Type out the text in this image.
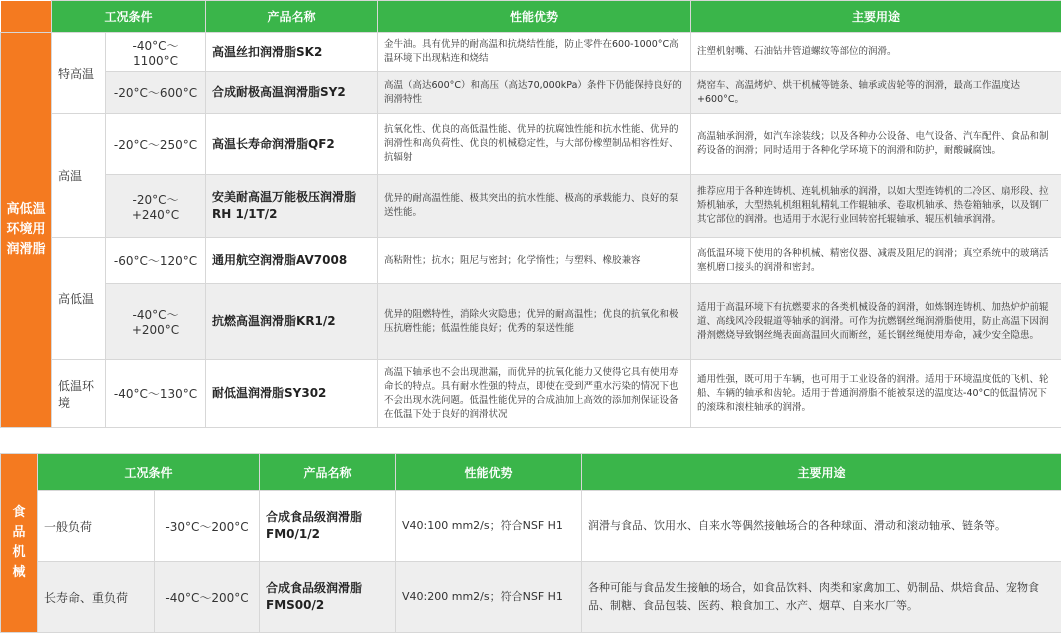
	工况条件		产品名称	性能优势	主要用途
高低温环境用润滑脂	特高温	-40°C～1100°C	高温丝扣润滑脂SK2	金牛油。具有优异的耐高温和抗烧结性能，防止零件在600-1000°C高温环境下出现粘连和烧结	注塑机射嘴、石油钻井管道螺纹等部位的润滑。
		-20°C～600°C	合成耐极高温润滑脂SY2	高温（高达600°C）和高压（高达70,000kPa）条件下仍能保持良好的润滑特性	烧窑车、高温烤炉、烘干机械等链条、轴承或齿轮等的润滑，最高工作温度达+600°C。
	高温	-20°C～250°C	高温长寿命润滑脂QF2	抗氧化性、优良的高低温性能、优异的抗腐蚀性能和抗水性能、优异的润滑性和高负荷性、优良的机械稳定性，与大部份橡塑制品相容性好、抗辐射	高温轴承润滑，如汽车涂装线；以及各种办公设备、电气设备、汽车配件、食品和制药设备的润滑；同时适用于各种化学环境下的润滑和防护，耐酸碱腐蚀。
		-20°C～+240°C	安美耐高温万能极压润滑脂RH 1/1T/2	优异的耐高温性能、极其突出的抗水性能、极高的承载能力、良好的泵送性能。	推荐应用于各种连铸机、连轧机轴承的润滑，以如大型连铸机的二冷区、扇形段、拉矫机轴承，大型热轧机组粗轧精轧工作辊轴承、卷取机轴承、热卷箱轴承，以及钢厂其它部位的润滑。也适用于水泥行业回转窑托辊轴承、辊压机轴承润滑。
	高低温	-60°C～120°C	通用航空润滑脂AV7008	高粘附性；抗水；阻尼与密封；化学惰性；与塑料、橡胶兼容	高低温环境下使用的各种机械、精密仪器、减震及阻尼的润滑；真空系统中的玻璃活塞机磨口接头的润滑和密封。
		-40°C～+200°C	抗燃高温润滑脂KR1/2	优异的阻燃特性，消除火灾隐患；优异的耐高温性；优良的抗氧化和极压抗磨性能；低温性能良好；优秀的泵送性能	适用于高温环境下有抗燃要求的各类机械设备的润滑，如炼钢连铸机、加热炉炉前辊道、高线风冷段辊道等轴承的润滑。可作为抗燃钢丝绳润滑脂使用，防止高温下因润滑剂燃烧导致钢丝绳表面高温回火而断丝，延长钢丝绳使用寿命，减少安全隐患。
	低温环境	-40°C～130°C	耐低温润滑脂SY302	高温下轴承也不会出现泄漏，而优异的抗氧化能力又使得它具有使用寿命长的特点。具有耐水性强的特点，即使在受到严重水污染的情况下也不会出现水洗问题。低温性能优异的合成油加上高效的添加剂保证设备在低温下处于良好的润滑状况	通用性强，既可用于车辆，也可用于工业设备的润滑。适用于环境温度低的飞机、轮船、车辆的轴承和齿轮。适用于普通润滑脂不能被泵送的温度达-40°C的低温情况下的滚珠和滚柱轴承的润滑。
食品机械	工况条件		产品名称	性能优势	主要用途
	一般负荷	-30°C～200°C	合成食品级润滑脂FM0/1/2	V40:100 mm2/s；符合NSF H1	润滑与食品、饮用水、自来水等偶然接触场合的各种球面、滑动和滚动轴承、链条等。
	长寿命、重负荷	-40°C～200°C	合成食品级润滑脂FMS00/2	V40:200 mm2/s；符合NSF H1	各种可能与食品发生接触的场合，如食品饮料、肉类和家禽加工、奶制品、烘焙食品、宠物食品、制糖、食品包装、医药、粮食加工、水产、烟草、自来水厂等。
